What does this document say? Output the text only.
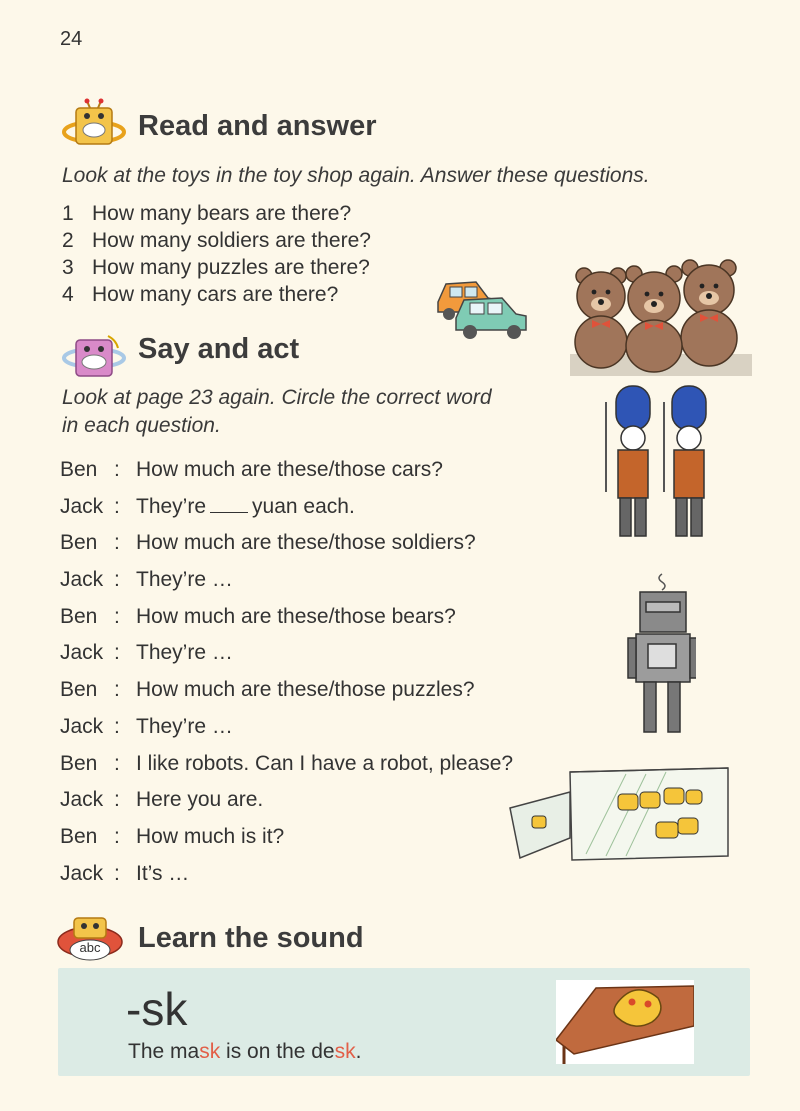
24
Read and answer
Look at the toys in the toy shop again. Answer these questions.
1 How many bears are there?
2 How many soldiers are there?
3 How many puzzles are there?
4 How many cars are there?
Say and act
Look at page 23 again. Circle the correct word
in each question.
Ben : How much are these/those cars?
Jack : They’re yuan each.
Ben : How much are these/those soldiers?
Jack : They’re …
Ben : How much are these/those bears?
Jack : They’re …
Ben : How much are these/those puzzles?
Jack : They’re …
Ben : I like robots. Can I have a robot, please?
Jack : Here you are.
Ben : How much is it?
Jack : It’s …
abc Learn the sound
-sk
The mask is on the desk.
